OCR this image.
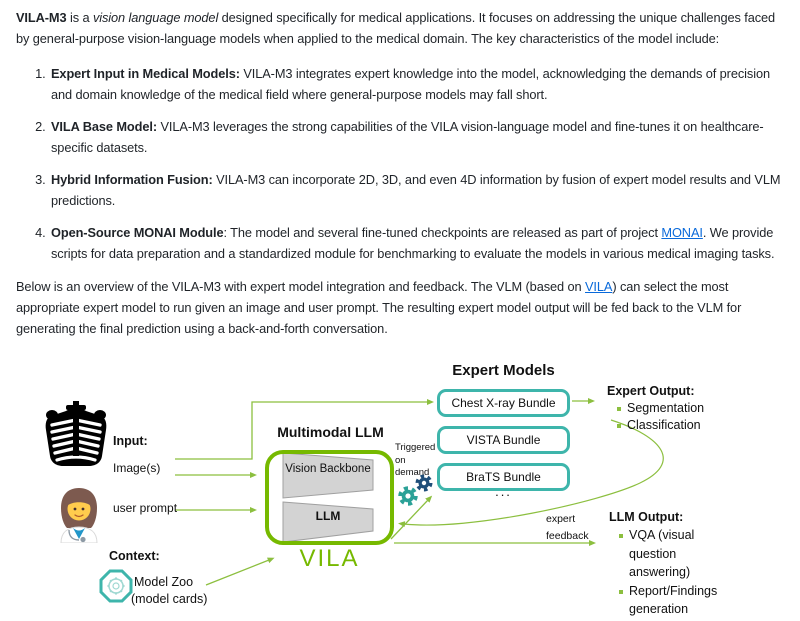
VILA-M3 is a vision language model designed specifically for medical applications. It focuses on addressing the unique challenges faced by general-purpose vision-language models when applied to the medical domain. The key characteristics of the model include:

1. Expert Input in Medical Models: VILA-M3 integrates expert knowledge into the model, acknowledging the demands of precision and domain knowledge of the medical field where general-purpose models may fall short.
2. VILA Base Model: VILA-M3 leverages the strong capabilities of the VILA vision-language model and fine-tunes it on healthcare-specific datasets.
3. Hybrid Information Fusion: VILA-M3 can incorporate 2D, 3D, and even 4D information by fusion of expert model results and VLM predictions.
4. Open-Source MONAI Module: The model and several fine-tuned checkpoints are released as part of project MONAI. We provide scripts for data preparation and a standardized module for benchmarking to evaluate the models in various medical imaging tasks.

Below is an overview of the VILA-M3 with expert model integration and feedback. The VLM (based on VILA) can select the most appropriate expert model to run given an image and user prompt. The resulting expert model output will be fed back to the VLM for generating the final prediction using a back-and-forth conversation.

Input:
Image(s)
user prompt
Context:
Model Zoo
(model cards)
Multimodal LLM
Vision Backbone
LLM
VILA
Expert Models
Chest X-ray Bundle
VISTA Bundle
BraTS Bundle
...
Triggered on demand
Expert Output:
Segmentation
Classification
expert feedback
LLM Output:
VQA (visual question answering)
Report/Findings generation
